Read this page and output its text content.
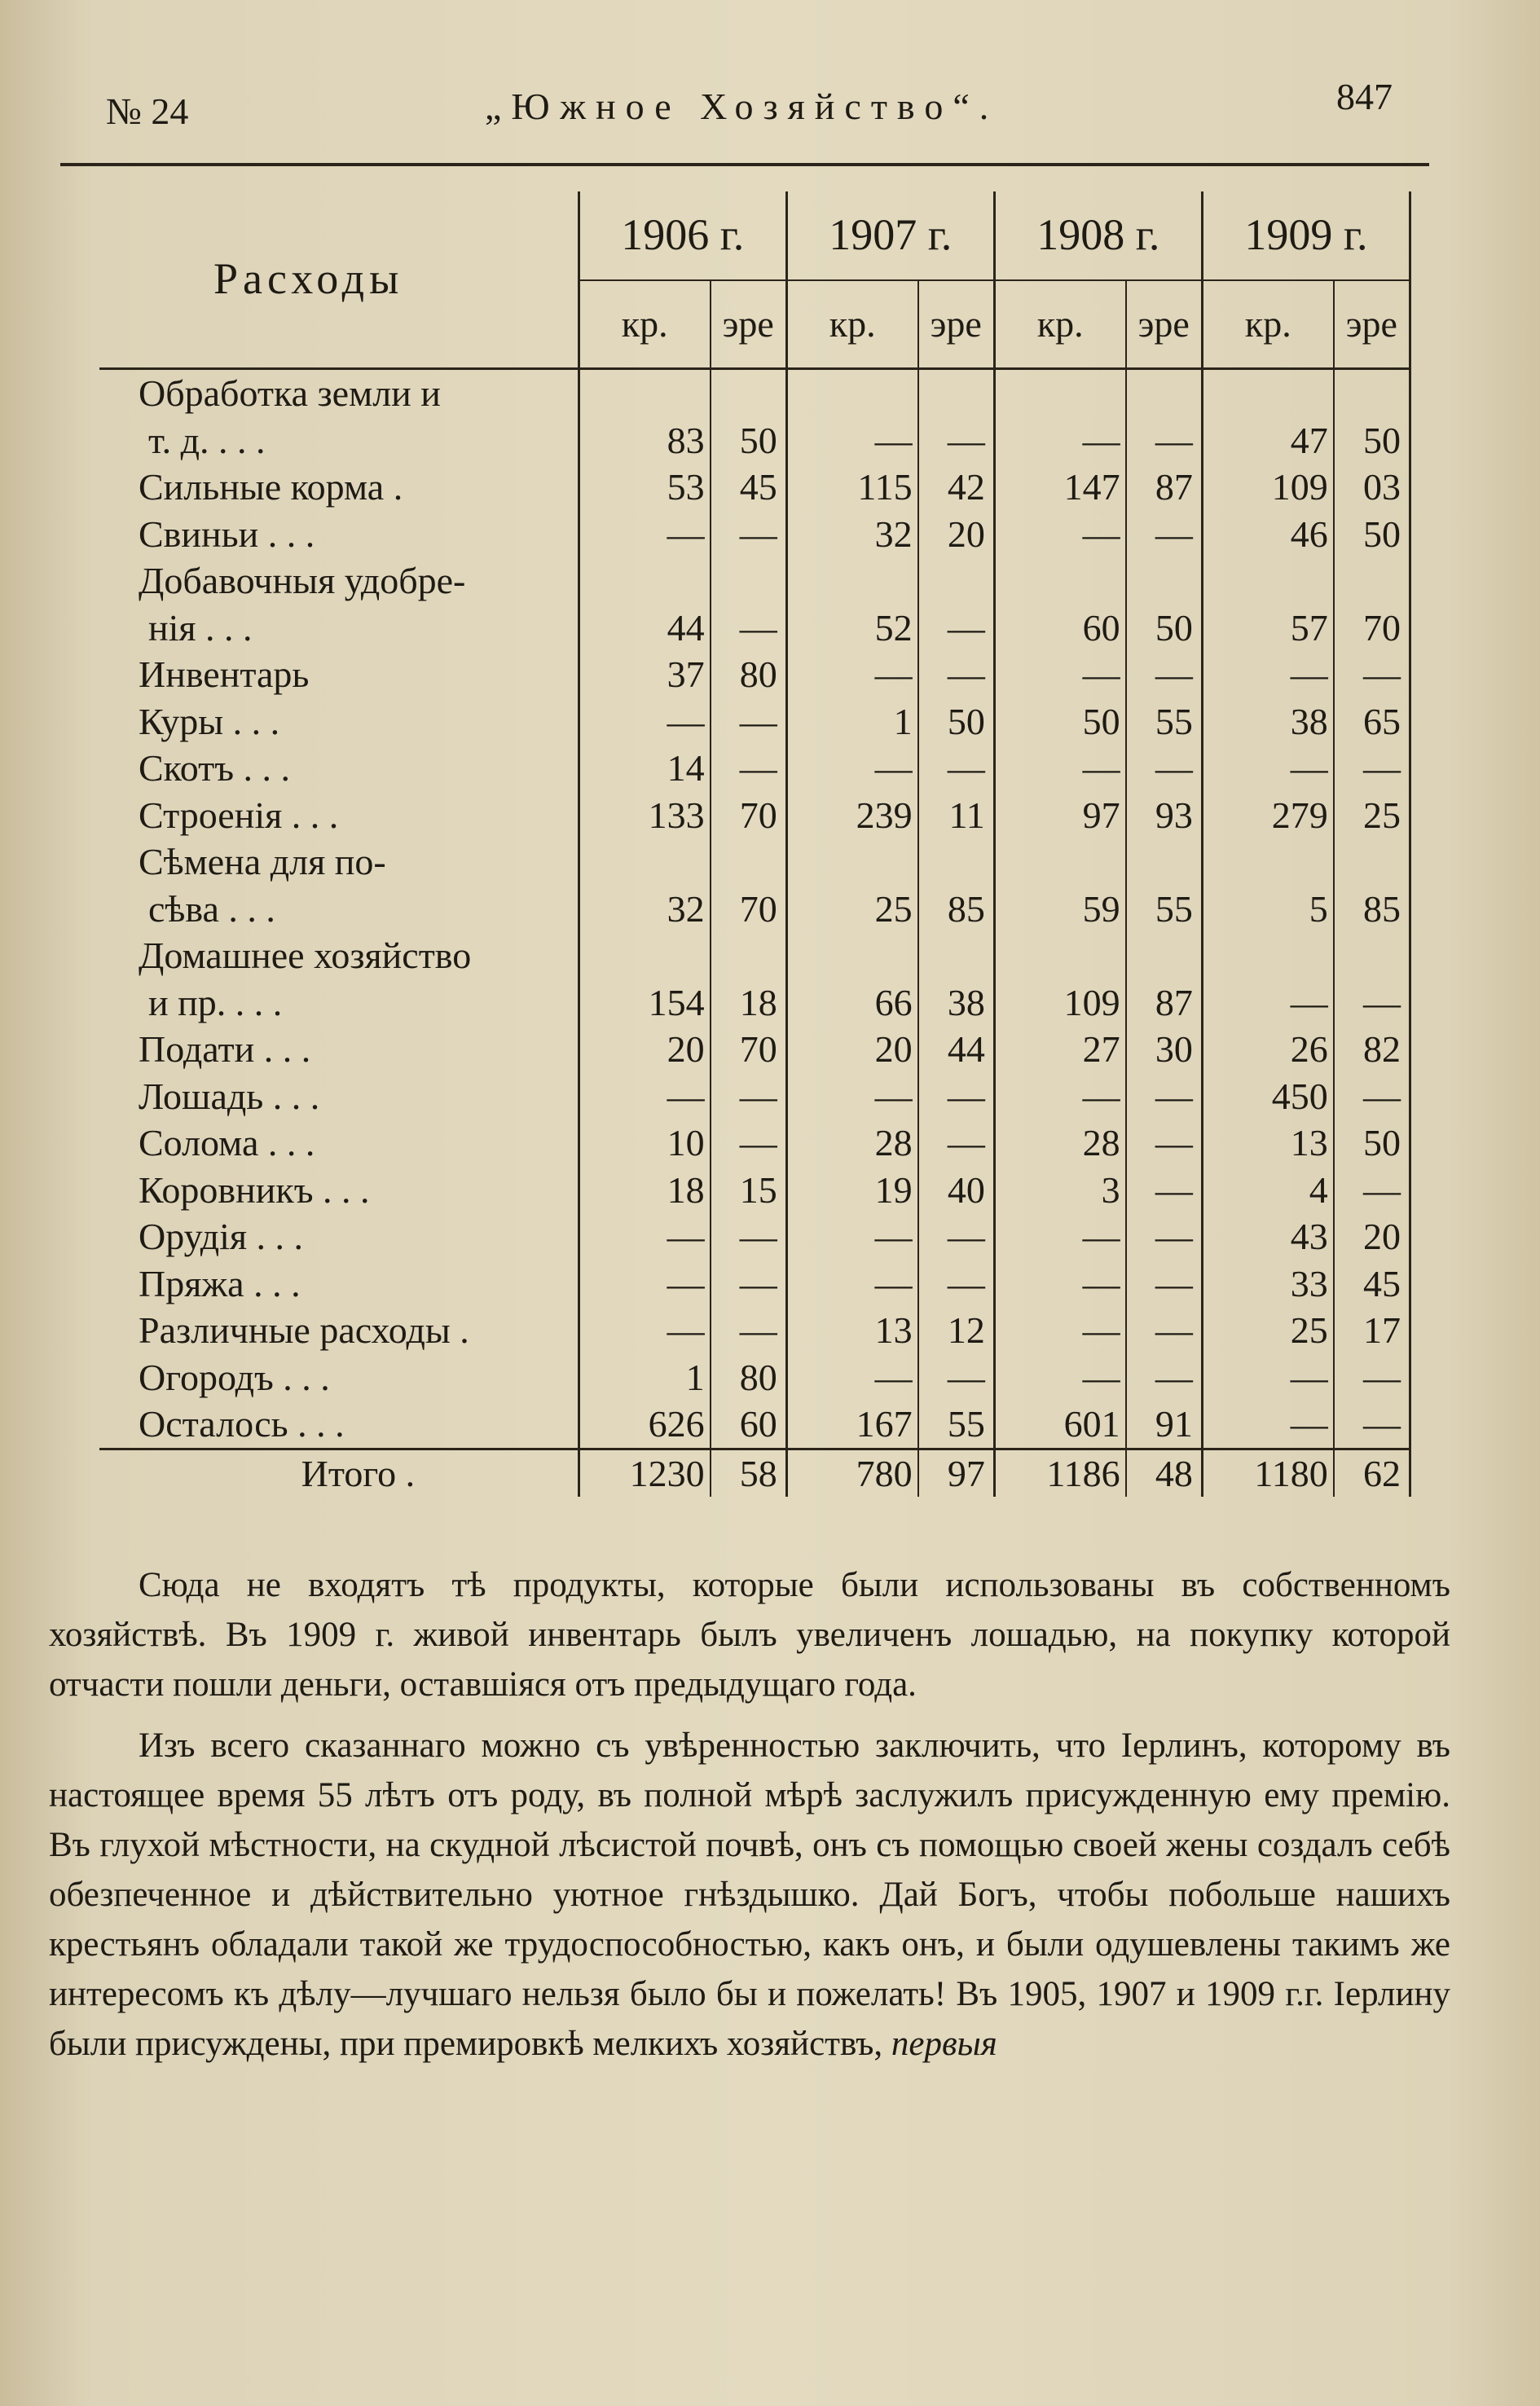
№ 24	„Южное Хозяйство“.	847
Расходы	1906 г.		1907 г.		1908 г.		1909 г.	
	кр.	эре	кр.	эре	кр.	эре	кр.	эре
Обработка земли и								
т. д. . . .	83	50	—	—	—	—	47	50
Сильные корма .	53	45	115	42	147	87	109	03
Свиньи . . .	—	—	32	20	—	—	46	50
Добавочныя удобре-								
нія . . .	44	—	52	—	60	50	57	70
Инвентарь	37	80	—	—	—	—	—	—
Куры . . .	—	—	1	50	50	55	38	65
Скотъ . . .	14	—	—	—	—	—	—	—
Строенія . . .	133	70	239	11	97	93	279	25
Сѣмена для по-								
сѣва . . .	32	70	25	85	59	55	5	85
Домашнее хозяйство								
и пр. . . .	154	18	66	38	109	87	—	—
Подати . . .	20	70	20	44	27	30	26	82
Лошадь . . .	—	—	—	—	—	—	450	—
Солома . . .	10	—	28	—	28	—	13	50
Коровникъ . . .	18	15	19	40	3	—	4	—
Орудія . . .	—	—	—	—	—	—	43	20
Пряжа . . .	—	—	—	—	—	—	33	45
Различные расходы .	—	—	13	12	—	—	25	17
Огородъ . . .	1	80	—	—	—	—	—	—
Осталось . . .	626	60	167	55	601	91	—	—
Итого .	1230	58	780	97	1186	48	1180	62

Сюда не входятъ тѣ продукты, которые были использованы въ собственномъ хозяйствѣ. Въ 1909 г. живой инвентарь былъ увеличенъ лошадью, на покупку которой отчасти пошли деньги, оставшіяся отъ предыдущаго года.

Изъ всего сказаннаго можно съ увѣренностью заключить, что Іерлинъ, которому въ настоящее время 55 лѣтъ отъ роду, въ полной мѣрѣ заслужилъ присужденную ему премію. Въ глухой мѣстности, на скудной лѣсистой почвѣ, онъ съ помощью своей жены создалъ себѣ обезпеченное и дѣйствительно уютное гнѣздышко. Дай Богъ, чтобы побольше нашихъ крестьянъ обладали такой же трудоспособностью, какъ онъ, и были одушевлены такимъ же интересомъ къ дѣлу—лучшаго нельзя было бы и пожелать! Въ 1905, 1907 и 1909 г.г. Іерлину были присуждены, при премировкѣ мелкихъ хозяйствъ, первыя
